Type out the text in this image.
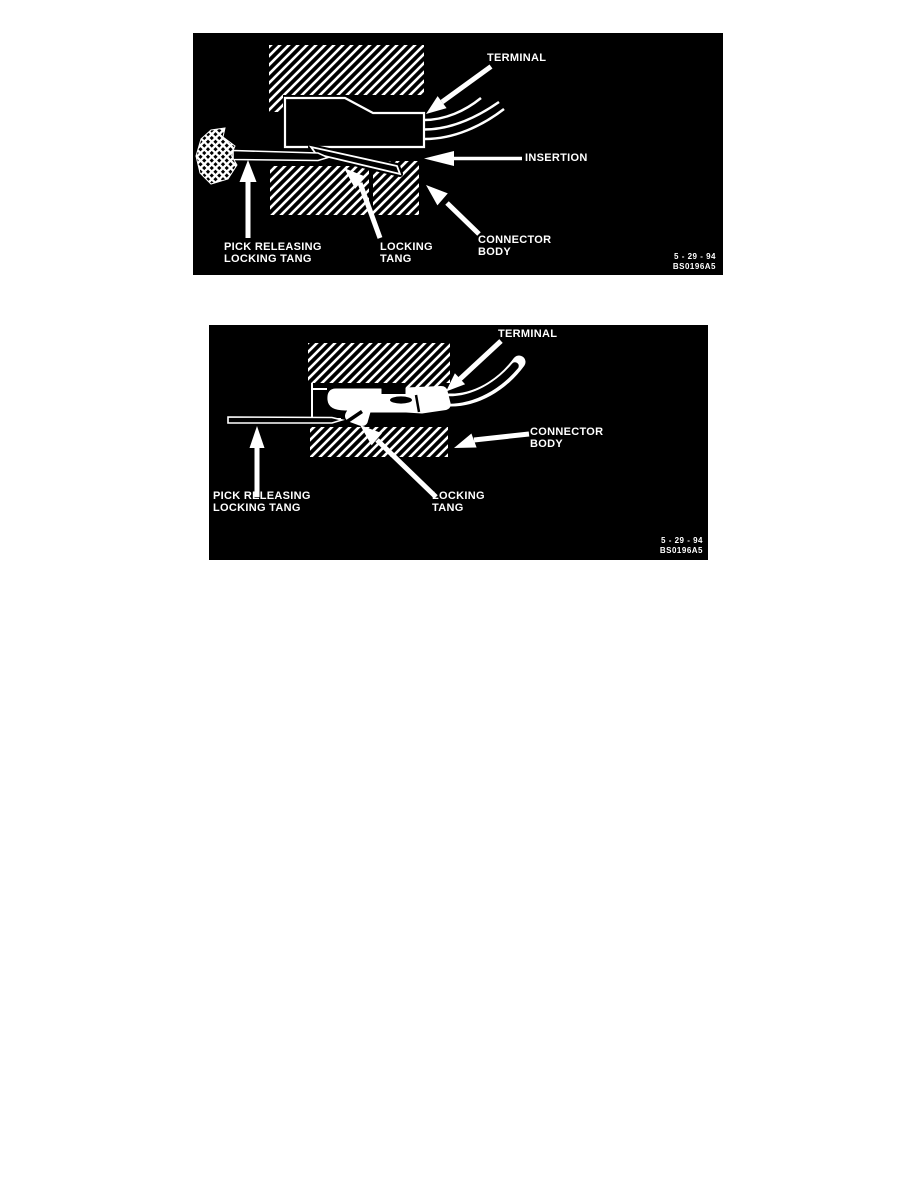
TERMINAL
INSERTION
CONNECTOR
BODY
PICK RELEASING
LOCKING TANG
LOCKING
TANG	5 - 29 - 94
BS0196A5
TERMINAL
CONNECTOR
BODY
PICK RELEASING
LOCKING TANG
LOCKING
TANG
5 - 29 - 94
BS0196A5
